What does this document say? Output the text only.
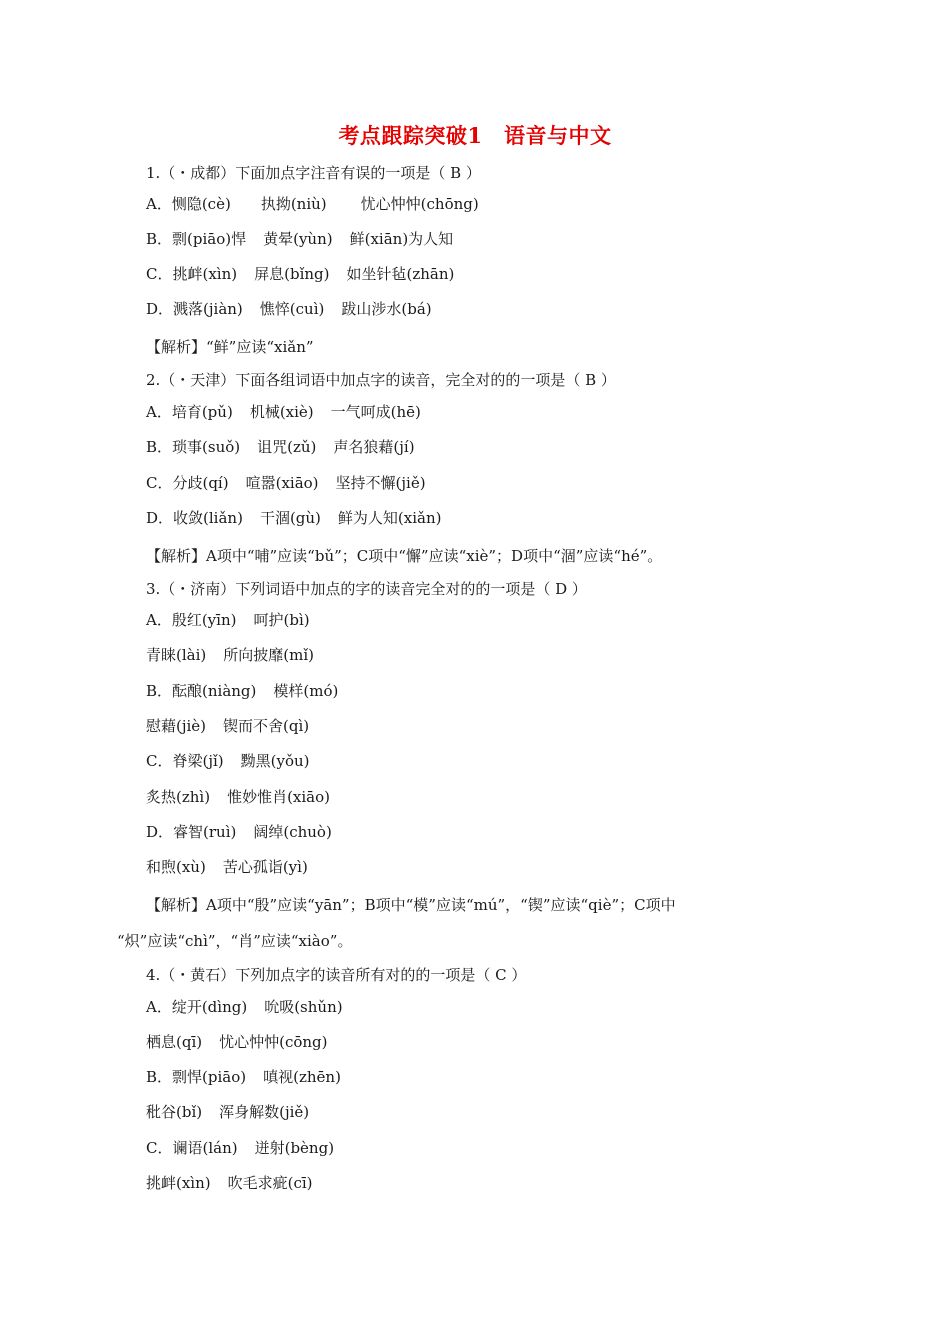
考点跟踪突破1　语音与中文
1.（・成都）下面加点字注音有误的一项是（ B ）
A．恻隐(cè) 执拗(niù) 忧心忡忡(chōng)
B．剽(piāo)悍 黄晕(yùn) 鲜(xiān)为人知
C．挑衅(xìn) 屏息(bǐng) 如坐针毡(zhān)
D．溅落(jiàn) 憔悴(cuì) 跋山涉水(bá)
【解析】“鲜”应读“xiǎn”
2.（・天津）下面各组词语中加点字的读音，完全对的的一项是（ B ）
A．培育(pǔ) 机械(xiè) 一气呵成(hē)
B．琐事(suǒ) 诅咒(zǔ) 声名狼藉(jí)
C．分歧(qí) 喧嚣(xiāo) 坚持不懈(jiě)
D．收敛(liǎn) 干涸(gù) 鲜为人知(xiǎn)
【解析】A项中“哺”应读“bǔ”；C项中“懈”应读“xiè”；D项中“涸”应读“hé”。
3.（・济南）下列词语中加点的字的读音完全对的的一项是（ D ）
A．殷红(yīn) 呵护(bì)
青睐(lài) 所向披靡(mǐ)
B．酝酿(niàng) 模样(mó)
慰藉(jiè) 锲而不舍(qì)
C．脊梁(jǐ) 黝黑(yǒu)
炙热(zhì) 惟妙惟肖(xiāo)
D．睿智(ruì) 阔绰(chuò)
和煦(xù) 苦心孤诣(yì)
【解析】A项中“殷”应读“yān”；B项中“模”应读“mú”，“锲”应读“qiè”；C项中
“炽”应读“chì”，“肖”应读“xiào”。
4.（・黄石）下列加点字的读音所有对的的一项是（ C ）
A．绽开(dìng) 吮吸(shǔn)
栖息(qī) 忧心忡忡(cōng)
B．剽悍(piāo) 嗔视(zhēn)
秕谷(bǐ) 浑身解数(jiě)
C．谰语(lán) 迸射(bèng)
挑衅(xìn) 吹毛求疵(cī)
